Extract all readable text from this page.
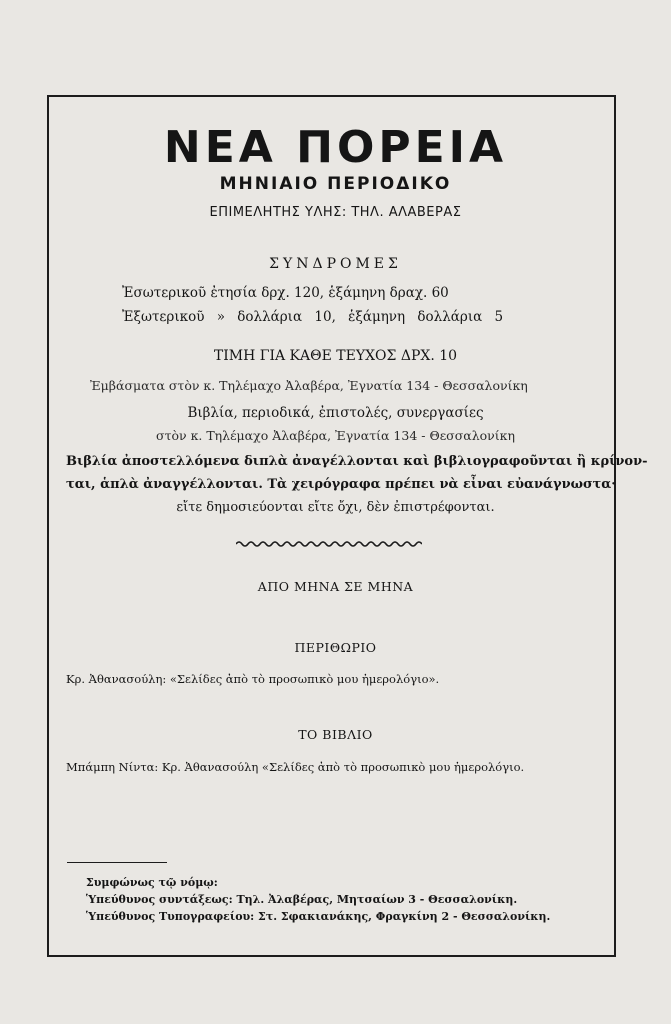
ΝΕΑ ΠΟΡΕΙΑ
ΜΗΝΙΑΙΟ ΠΕΡΙΟΔΙΚΟ
ΕΠΙΜΕΛΗΤΗΣ ΥΛΗΣ: ΤΗΛ. ΑΛΑΒΕΡΑΣ
ΣΥΝΔΡΟΜΕΣ
Ἐσωτερικοῦ ἐτησία δρχ. 120, ἑξάμηνη δραχ. 60
Ἐξωτερικοῦ » δολλάρια 10, ἑξάμηνη δολλάρια 5
ΤΙΜΗ ΓΙΑ ΚΑΘΕ ΤΕΥΧΟΣ ΔΡΧ. 10
Ἐμβάσματα στὸν κ. Τηλέμαχο Ἀλαβέρα, Ἐγνατία 134 - Θεσσαλονίκη
Βιβλία, περιοδικά, ἐπιστολές, συνεργασίες
στὸν κ. Τηλέμαχο Ἀλαβέρα, Ἐγνατία 134 - Θεσσαλονίκη
Βιβλία ἀποστελλόμενα διπλὰ ἀναγέλλονται καὶ βιβλιογραφοῦνται ἢ κρίνον-
ται, ἁπλὰ ἀναγγέλλονται. Τὰ χειρόγραφα πρέπει νὰ εἶναι εὐανάγνωστα·
εἴτε δημοσιεύονται εἴτε ὄχι, δὲν ἐπιστρέφονται.
ΑΠΟ ΜΗΝΑ ΣΕ ΜΗΝΑ
ΠΕΡΙΘΩΡΙΟ
Κρ. Ἀθανασούλη: «Σελίδες ἀπὸ τὸ προσωπικὸ μου ἡμερολόγιο».
ΤΟ ΒΙΒΛΙΟ
Μπάμπη Νίντα: Κρ. Ἀθανασούλη «Σελίδες ἀπὸ τὸ προσωπικὸ μου ἡμερολόγιο.
Συμφώνως τῷ νόμῳ:
Ὑπεύθυνος συντάξεως: Τηλ. Ἀλαβέρας, Μητσαίων 3 - Θεσσαλονίκη.
Ὑπεύθυνος Τυπογραφείου: Στ. Σφακιανάκης, Φραγκίνη 2 - Θεσσαλονίκη.
